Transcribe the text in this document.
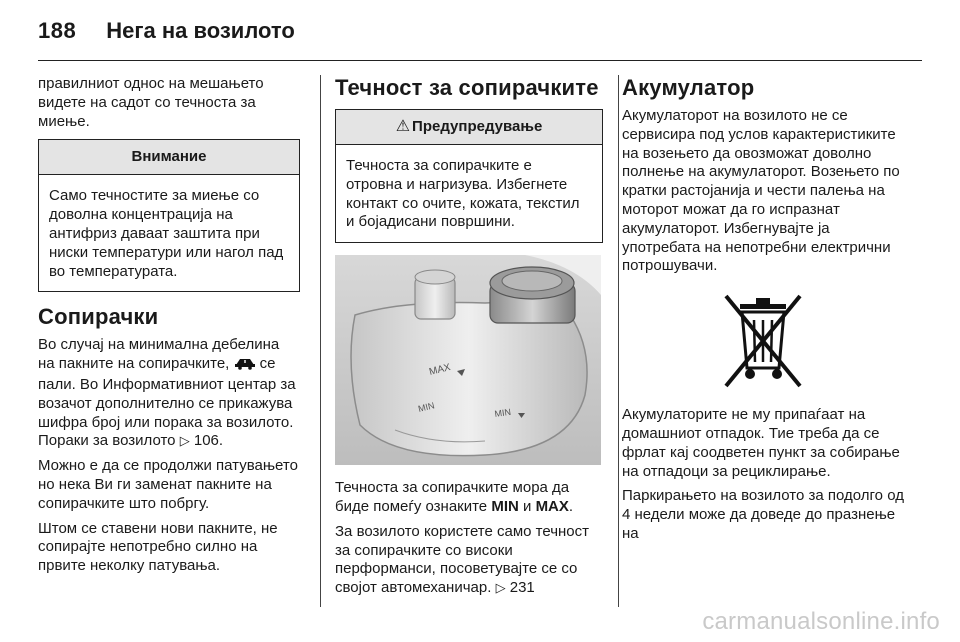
188 Нега на возилото

правилниот однос на мешањето видете на садот со течноста за миење.

Внимание
Само течностите за миење со доволна концентрација на антифриз даваат заштита при ниски температури или нагол пад во температурата.
Сопирачки

Во случај на минимална дебелина на пакните на сопирачките, се пали. Во Информативниот центар за возачот дополнително се прикажува шифра број или порака за возилото. Пораки за возилото ▷ 106.

Можно е да се продолжи патувањето но некa Ви ги заменат пакните на сопирачките што побргу.

Штом се ставени нови пакните, не сопирајте непотребно силно на првите неколку патувања.

Течност за сопирачките
⚠ Предупредување
Течноста за сопирачките е отровна и нагризува. Избегнете контакт со очите, кожата, текстил и бојадисани површини.
MAX
MIN	MIN

Течноста за сопирачките мора да биде помеѓу ознаките MIN и MAX.

За возилото користете само течност за сопирачките со високи перформанси, посоветувајте се со својот автомеханичар. ▷ 231

Акумулатор

Акумулаторот на возилото не се сервисира под услов карактеристиките на возењето да овозможат доволно полнење на акумулаторот. Возењето по кратки растојанија и чести палења на моторот можат да го испразнат акумулаторот. Избегнувајте ја употребата на непотребни електрични потрошувачи.

Акумулаторите не му припаѓаат на домашниот отпадок. Тие треба да се фрлат кај соодветен пункт за собирање на отпадоци за рециклирање.

Паркирањето на возилото за подолго од 4 недели може да доведе до празнење на

carmanualsonline.info
